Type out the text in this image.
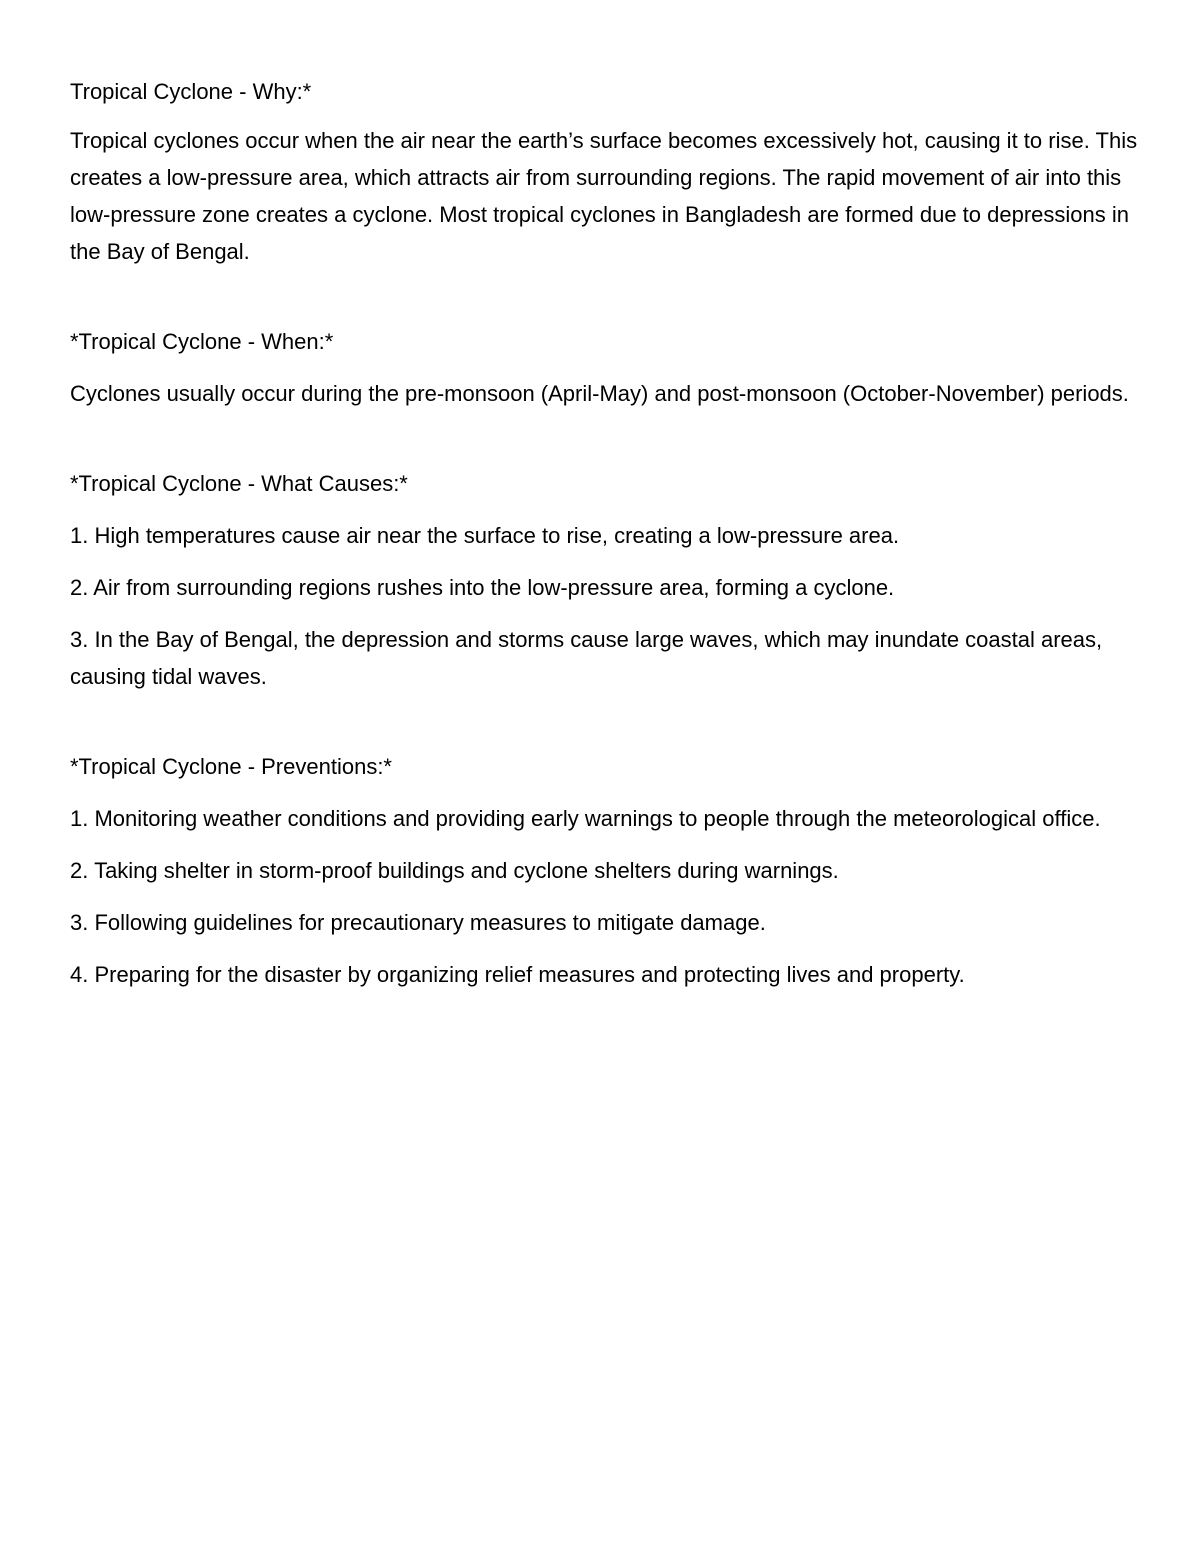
Tropical Cyclone - Why:*

Tropical cyclones occur when the air near the earth’s surface becomes excessively hot, causing it to rise. This creates a low-pressure area, which attracts air from surrounding regions. The rapid movement of air into this low-pressure zone creates a cyclone. Most tropical cyclones in Bangladesh are formed due to depressions in the Bay of Bengal.

*Tropical Cyclone - When:*

Cyclones usually occur during the pre-monsoon (April-May) and post-monsoon (October-November) periods.

*Tropical Cyclone - What Causes:*

1. High temperatures cause air near the surface to rise, creating a low-pressure area.

2. Air from surrounding regions rushes into the low-pressure area, forming a cyclone.

3. In the Bay of Bengal, the depression and storms cause large waves, which may inundate coastal areas, causing tidal waves.

*Tropical Cyclone - Preventions:*

1. Monitoring weather conditions and providing early warnings to people through the meteorological office.

2. Taking shelter in storm-proof buildings and cyclone shelters during warnings.

3. Following guidelines for precautionary measures to mitigate damage.

4. Preparing for the disaster by organizing relief measures and protecting lives and property.
